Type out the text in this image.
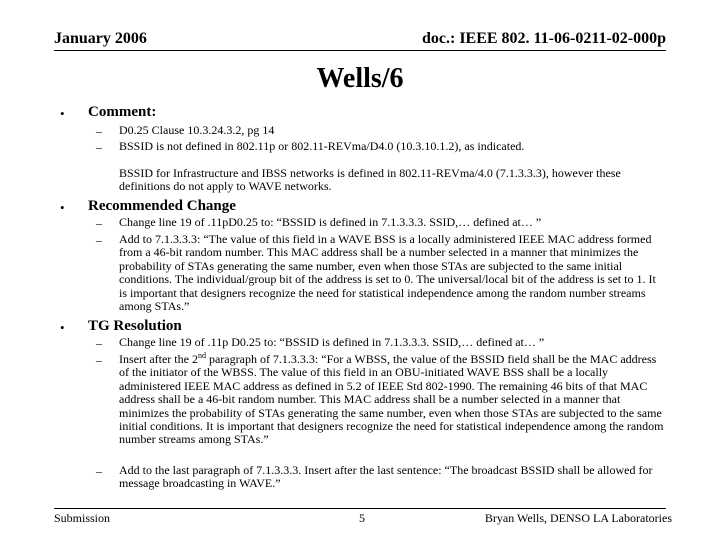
January 2006	doc.: IEEE 802. 11-06-0211-02-000p
Wells/6
• Comment:
– D0.25 Clause 10.3.24.3.2, pg 14
– BSSID is not defined in 802.11p or 802.11-REVma/D4.0 (10.3.10.1.2), as indicated.
BSSID for Infrastructure and IBSS networks is defined in 802.11-REVma/4.0 (7.1.3.3.3), however these definitions do not apply to WAVE networks.
• Recommended Change
– Change line 19 of .11pD0.25 to: “BSSID is defined in 7.1.3.3.3. SSID,… defined at… ”
– Add to 7.1.3.3.3: “The value of this field in a WAVE BSS is a locally administered IEEE MAC address formed from a 46-bit random number. This MAC address shall be a number selected in a manner that minimizes the probability of STAs generating the same number, even when those STAs are subjected to the same initial conditions. The individual/group bit of the address is set to 0. The universal/local bit of the address is set to 1. It is important that designers recognize the need for statistical independence among the random number streams among STAs.”
• TG Resolution
– Change line 19 of .11p D0.25 to: “BSSID is defined in 7.1.3.3.3. SSID,… defined at… ”
– Insert after the 2nd paragraph of 7.1.3.3.3: “For a WBSS, the value of the BSSID field shall be the MAC address of the initiator of the WBSS. The value of this field in an OBU-initiated WAVE BSS shall be a locally administered IEEE MAC address as defined in 5.2 of IEEE Std 802-1990. The remaining 46 bits of that MAC address shall be a 46-bit random number. This MAC address shall be a number selected in a manner that minimizes the probability of STAs generating the same number, even when those STAs are subjected to the same initial conditions. It is important that designers recognize the need for statistical independence among the random number streams among STAs.”
– Add to the last paragraph of 7.1.3.3.3. Insert after the last sentence: “The broadcast BSSID shall be allowed for message broadcasting in WAVE.”
Submission	5	Bryan Wells, DENSO LA Laboratories
